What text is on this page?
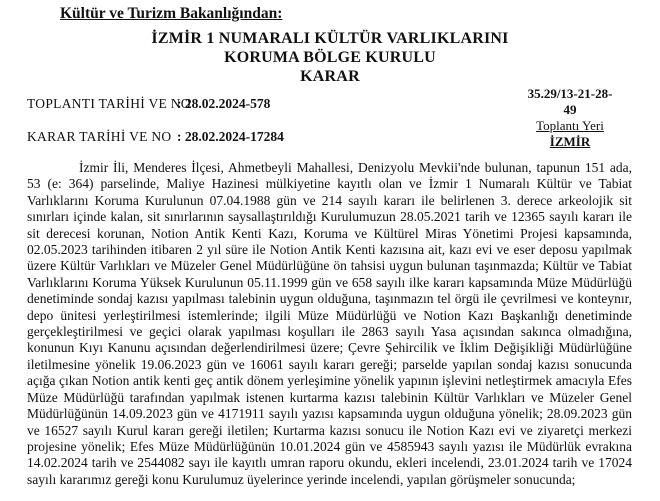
Kültür ve Turizm Bakanlığından:
İZMİR 1 NUMARALI KÜLTÜR VARLIKLARINI
KORUMA BÖLGE KURULU
KARAR
TOPLANTI TARİHİ VE NO
: 28.02.2024-578
KARAR TARİHİ VE NO : 28.02.2024-17284
35.29/13-21-28-
49
Toplantı Yeri
İZMİR

İzmir İli, Menderes İlçesi, Ahmetbeyli Mahallesi, Denizyolu Mevkii'nde bulunan, tapunun 151 ada, 53 (e: 364) parselinde, Maliye Hazinesi mülkiyetine kayıtlı olan ve İzmir 1 Numaralı Kültür ve Tabiat Varlıklarını Koruma Kurulunun 07.04.1988 gün ve 214 sayılı kararı ile belirlenen 3. derece arkeolojik sit sınırları içinde kalan, sit sınırlarının saysallaştırıldığı Kurulumuzun 28.05.2021 tarih ve 12365 sayılı kararı ile sit derecesi korunan, Notion Antik Kenti Kazı, Koruma ve Kültürel Miras Yönetimi Projesi kapsamında, 02.05.2023 tarihinden itibaren 2 yıl süre ile Notion Antik Kenti kazısına ait, kazı evi ve eser deposu yapılmak üzere Kültür Varlıkları ve Müzeler Genel Müdürlüğüne ön tahsisi uygun bulunan taşınmazda; Kültür ve Tabiat Varlıklarını Koruma Yüksek Kurulunun 05.11.1999 gün ve 658 sayılı ilke kararı kapsamında Müze Müdürlüğü denetiminde sondaj kazısı yapılması talebinin uygun olduğuna, taşınmazın tel örgü ile çevrilmesi ve konteynır, depo ünitesi yerleştirilmesi istemlerinde; ilgili Müze Müdürlüğü ve Notion Kazı Başkanlığı denetiminde gerçekleştirilmesi ve geçici olarak yapılması koşulları ile 2863 sayılı Yasa açısından sakınca olmadığına, konunun Kıyı Kanunu açısından değerlendirilmesi üzere; Çevre Şehircilik ve İklim Değişikliği Müdürlüğüne iletilmesine yönelik 19.06.2023 gün ve 16061 sayılı kararı gereği; parselde yapılan sondaj kazısı sonucunda açığa çıkan Notion antik kenti geç antik dönem yerleşimine yönelik yapının işlevini netleştirmek amacıyla Efes Müze Müdürlüğü tarafından yapılmak istenen kurtarma kazısı talebinin Kültür Varlıkları ve Müzeler Genel Müdürlüğünün 14.09.2023 gün ve 4171911 sayılı yazısı kapsamında uygun olduğuna yönelik; 28.09.2023 gün ve 16527 sayılı Kurul kararı gereği iletilen; Kurtarma kazısı sonucu ile Notion Kazı evi ve ziyaretçi merkezi projesine yönelik; Efes Müze Müdürlüğünün 10.01.2024 gün ve 4585943 sayılı yazısı ile Müdürlük evrakına 14.02.2024 tarih ve 2544082 sayı ile kayıtlı umran raporu okundu, ekleri incelendi, 23.01.2024 tarih ve 17024 sayılı kararımız gereği konu Kurulumuz üyelerince yerinde incelendi, yapılan görüşmeler sonucunda;
